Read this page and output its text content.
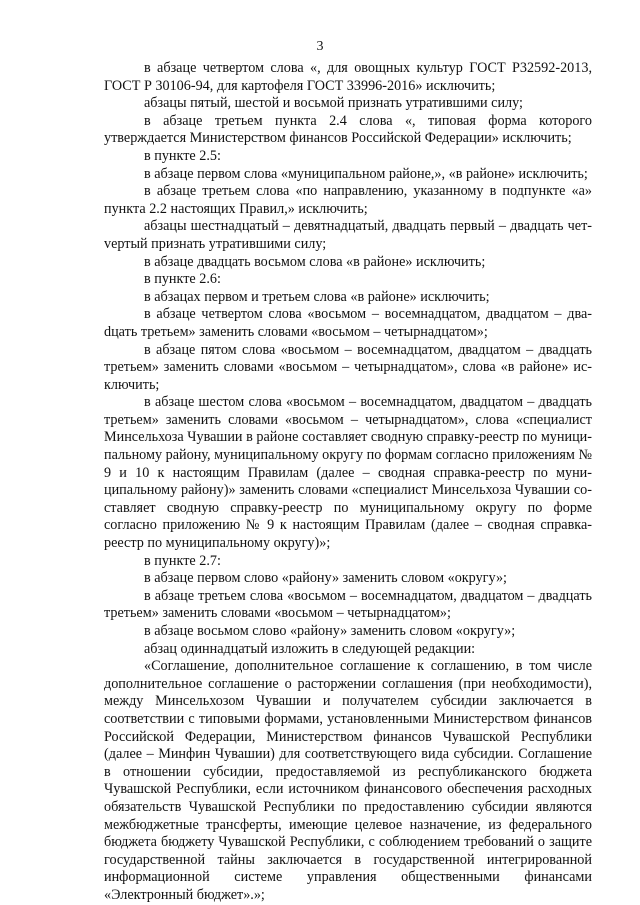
3

в абзаце четвертом слова «, для овощных культур ГОСТ Р32592-2013, ГОСТ Р 30106-94, для картофеля ГОСТ 33996-2016» исключить;

абзацы пятый, шестой и восьмой признать утратившими силу;

в абзаце третьем пункта 2.4 слова «, типовая форма которого утверждается Министерством финансов Российской Федерации» исключить;

в пункте 2.5:

в абзаце первом слова «муниципальном районе,», «в районе» исключить;

в абзаце третьем слова «по направлению, указанному в подпункте «а» пункта 2.2 настоящих Правил,» исключить;

абзацы шестнадцатый – девятнадцатый, двадцать первый – двадцать четvертый признать утратившими силу;

в абзаце двадцать восьмом слова «в районе» исключить;

в пункте 2.6:

в абзацах первом и третьем слова «в районе» исключить;

в абзаце четвертом слова «восьмом – восемнадцатом, двадцатом – дваdцать третьем» заменить словами «восьмом – четырнадцатом»;

в абзаце пятом слова «восьмом – восемнадцатом, двадцатом – двадцать третьем» заменить словами «восьмом – четырнадцатом», слова «в районе» исключить;

в абзаце шестом слова «восьмом – восемнадцатом, двадцатом – двадцать третьем» заменить словами «восьмом – четырнадцатом», слова «специалист Минсельхоза Чувашии в районе составляет сводную справку-реестр по муниципальному району, муниципальному округу по формам согласно приложениям № 9 и 10 к настоящим Правилам (далее – сводная справка-реестр по муниципальному району)» заменить словами «специалист Минсельхоза Чувашии составляет сводную справку-реестр по муниципальному округу по форме согласно приложению № 9 к настоящим Правилам (далее – сводная справка-реестр по муниципальному округу)»;

в пункте 2.7:

в абзаце первом слово «району» заменить словом «округу»;

в абзаце третьем слова «восьмом – восемнадцатом, двадцатом – двадцать третьем» заменить словами «восьмом – четырнадцатом»;

в абзаце восьмом слово «району» заменить словом «округу»;

абзац одиннадцатый изложить в следующей редакции:

«Соглашение, дополнительное соглашение к соглашению, в том числе дополнительное соглашение о расторжении соглашения (при необходимости), между Минсельхозом Чувашии и получателем субсидии заключается в соответствии с типовыми формами, установленными Министерством финансов Российской Федерации, Министерством финансов Чувашской Республики (далее – Минфин Чувашии) для соответствующего вида субсидии. Соглашение в отношении субсидии, предоставляемой из республиканского бюджета Чувашской Республики, если источником финансового обеспечения расходных обязательств Чувашской Республики по предоставлению субсидии являются межбюджетные трансферты, имеющие целевое назначение, из федерального бюджета бюджету Чувашской Республики, с соблюдением требований о защите государственной тайны заключается в государственной интегрированной информационной системе управления общественными финансами «Электронный бюджет».»;
